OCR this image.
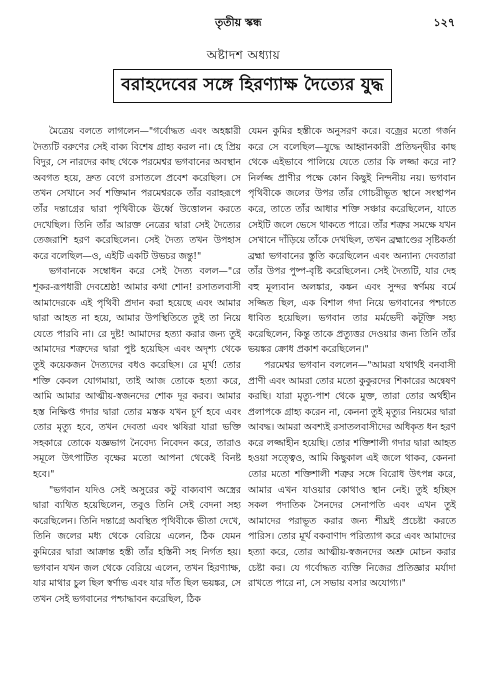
তৃতীয় স্কন্ধ	১২৭
অষ্টাদশ অধ্যায়
বরাহদেবের সঙ্গে হিরণ্যাক্ষ দৈত্যের যুদ্ধ

মৈত্রেয় বলতে লাগলেন—"গর্বোদ্ধত এবং অহঙ্কারী দৈত্যটি বরুণের সেই বাক্য বিশেষ গ্রাহ্য করল না। হে প্রিয় বিদুর, সে নারদের কাছ থেকে পরমেশ্বর ভগবানের অবস্থান অবগত হয়ে, দ্রুত বেগে রসাতলে প্রবেশ করেছিল। সে তখন সেখানে সর্ব শক্তিমান পরমেশ্বরকে তাঁর বরাহরূপে তাঁর দন্তাগ্রের দ্বারা পৃথিবীকে ঊর্ধ্বে উত্তোলন করতে দেখেছিল। তিনি তাঁর আরক্ত নেত্রের দ্বারা সেই দৈত্যের তেজরাশি হরণ করেছিলেন। সেই দৈত্য তখন উপহাস করে বলেছিল—ও, এইটি একটি উভচর জন্তু!"

ভগবানকে সম্বোধন করে সেই দৈত্য বলল—"রে শূকর-রূপধারী দেবশ্রেষ্ঠ! আমার কথা শোন! রসাতলবাসী আমাদেরকে এই পৃথিবী প্রদান করা হয়েছে এবং আমার দ্বারা আহত না হয়ে, আমার উপস্থিতিতে তুই তা নিয়ে যেতে পারবি না। রে দুষ্ট! আমাদের হত্যা করার জন্য তুই আমাদের শত্রুদের দ্বারা পুষ্ট হয়েছিস এবং অদৃশ্য থেকে তুই কয়েকজন দৈত্যদের বধও করেছিস। রে মূর্খ! তোর শক্তি কেবল যোগমায়া, তাই আজ তোকে হত্যা করে, আমি আমার আত্মীয়-স্বজনদের শোক দূর করব। আমার হস্ত নিক্ষিপ্ত গদার দ্বারা তোর মস্তক যখন চূর্ণ হবে এবং তোর মৃত্যু হবে, তখন দেবতা এবং ঋষিরা যারা ভক্তি সহকারে তোকে যজ্ঞভাগ নৈবেদ্য নিবেদন করে, তারাও সমূলে উৎপাটিত বৃক্ষের মতো আপনা থেকেই বিনষ্ট হবে।"

"ভগবান যদিও সেই অসুরের কটু বাক্যবাণ অস্ত্রের দ্বারা ব্যথিত হয়েছিলেন, তবুও তিনি সেই বেদনা সহ্য করেছিলেন। তিনি দন্তাগ্রে অবস্থিত পৃথিবীকে ভীতা দেখে, তিনি জলের মধ্য থেকে বেরিয়ে এলেন, ঠিক যেমন কুমিরের দ্বারা আক্রান্ত হস্তী তাঁর হস্তিনী সহ নির্গত হয়। ভগবান যখন জল থেকে বেরিয়ে এলেন, তখন হিরণ্যাক্ষ, যার মাথার চুল ছিল স্বর্ণাভ এবং যার দাঁত ছিল ভয়ঙ্কর, সে তখন সেই ভগবানের পশ্চাদ্ধাবন করেছিল, ঠিক

যেমন কুমির হস্তীকে অনুসরণ করে। বজ্রের মতো গর্জন করে সে বলেছিল—যুদ্ধে আহ্বানকারী প্রতিদ্বন্দ্বীর কাছ থেকে এইভাবে পালিয়ে যেতে তোর কি লজ্জা করে না? নির্লজ্জ প্রাণীর পক্ষে কোন কিছুই নিন্দনীয় নয়। ভগবান পৃথিবীকে জলের উপর তাঁর গোচরীভূত স্থানে সংস্থাপন করে, তাতে তাঁর আধার শক্তি সঞ্চার করেছিলেন, যাতে সেইটি জলে ভেসে থাকতে পারে। তাঁর শত্রুর সমক্ষে যখন সেখানে দাঁড়িয়ে তাঁকে দেখছিল, তখন ব্রহ্মাণ্ডের সৃষ্টিকর্তা ব্রহ্মা ভগবানের স্তুতি করেছিলেন এবং অন্যান্য দেবতারা তাঁর উপর পুষ্প-বৃষ্টি করেছিলেন। সেই দৈত্যটি, যার দেহ বহু মূল্যবান অলঙ্কার, কঙ্কন এবং সুন্দর স্বর্ণময় বর্মে সজ্জিত ছিল, এক বিশাল গদা নিয়ে ভগবানের পশ্চাতে ধাবিত হয়েছিল। ভগবান তার মর্মভেদী কটূক্তি সহ্য করেছিলেন, কিন্তু তাকে প্রত্যুত্তর দেওয়ার জন্য তিনি তাঁর ভয়ঙ্কর ক্রোধ প্রকাশ করেছিলেন।"

পরমেশ্বর ভগবান বললেন—"আমরা যথার্থই বনবাসী প্রাণী এবং আমরা তোর মতো কুকুরদের শিকারের অন্বেষণ করছি। যারা মৃত্যু-পাশ থেকে মুক্ত, তারা তোর অর্থহীন প্রলাপকে গ্রাহ্য করেন না, কেননা তুই মৃত্যুর নিয়মের দ্বারা আবদ্ধ। আমরা অবশ্যই রসাতলবাসীদের অধিকৃত ধন হরণ করে লজ্জাহীন হয়েছি। তোর শক্তিশালী গদার দ্বারা আহত হওয়া সত্ত্বেও, আমি কিছুকাল এই জলে থাকব, কেননা তোর মতো শক্তিশালী শত্রুর সঙ্গে বিরোধ উৎপন্ন করে, আমার এখন যাওয়ার কোথাও স্থান নেই। তুই হচ্ছিস সকল পদাতিক সৈনদের সেনাপতি এবং এখন তুই আমাদের পরাভূত করার জন্য শীঘ্রই প্রচেষ্টা করতে পারিস। তোর মূর্খ বকবাণাদ পরিত্যাগ করে এবং আমাদের হত্যা করে, তোর আত্মীয়-স্বজনদের অশ্রু মোচন করার চেষ্টা কর। যে গর্বোদ্ধত ব্যক্তি নিজের প্রতিজ্ঞার মর্যাদা রাখতে পারে না, সে সভায় বসার অযোগ্য।"
